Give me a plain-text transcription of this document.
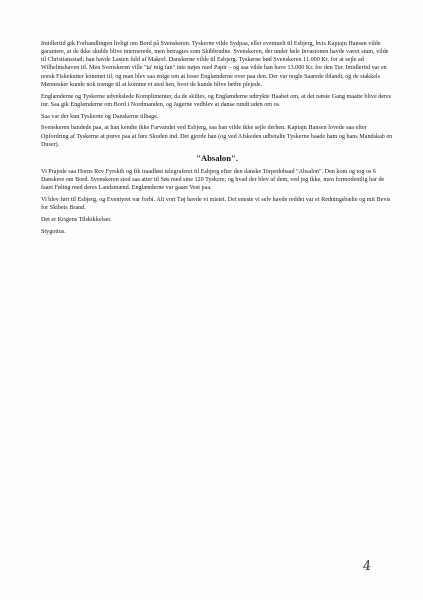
Imidlertid gik Forhandlingen livligt om Bord på Svenskeren. Tyskerne vilde Sydpaa, eller eventuelt til Esbjerg, hvis Kaptajn Hansen vilde garantere, at de ikke skulde blive internerede, men betragtes som Skibbrudne. Svenskeren, der under hele Invasionen havde været stum, vilde til Christiansstad; han havde Lasten fuld af Makrel. Danskerne vilde til Esbjerg. Tyskerne bød Svenskeren 11.000 Kr. for at sejle ad Wilhelmshaven til. Men Svenskeren ville "ta' mig fan" inte nøjes med Papir – og saa vilde han have 13.000 Kr. for den Tur. Imidlertid var en norsk Fiskekutter kommet til, og man blev saa enige om at losse Englænderne over paa den. Der var nogle Saarede iblandt, og de stakkels Mennesker kunde nok trænge til at komme et sted hen, hvor de kunde blive bedre plejede.

Englænderne og Tyskerne udvekslede Komplimenter, da de skiltes, og Englænderne udtrykte Haabet om, at det næste Gang maatte blive deres tur. Saa gik Englænderne om Bord i Nordmanden, og Jagerne vedblev at danse rundt uden om os.

Saa var der kun Tyskerne og Danskerne tilbage.

Svenskeren bandede paa, at han kendte ikke Farvandet ved Esbjerg, saa han vilde ikke sejle derhen. Kaptajn Hansen lovede saa efter Opfordring af Tyskerne at prøve paa at føre Skuden ind. Det gjorde han (og ved Afskeden udbetalte Tyskerne baade ham og hans Mandskab en Duser).

"Absalon".

Vi Prajede saa Horns Rev Fyrskib og fik traadløst telegraferet til Esbjerg efter den danske Torpedobaad "Absalon". Den kom og tog os 6 Danskere om Bord. Svenskeren stod saa atter til Søs med sine 120 Tyskere; og hvad der blev af dem, ved jeg ikke, men formodentlig har de faaet Føling med deres Landsmænd. Englænderne var gaaet Vest paa.

Vi blev ført til Esbjerg, og Eventyret var forbi. Alt vort Tøj havde vi mistet. Det eneste vi selv havde reddet var et Redningsbælte og mit Bevis for Skibets Brand.

Det er Krigens Tilskikkelser.

Stygotius.

4
